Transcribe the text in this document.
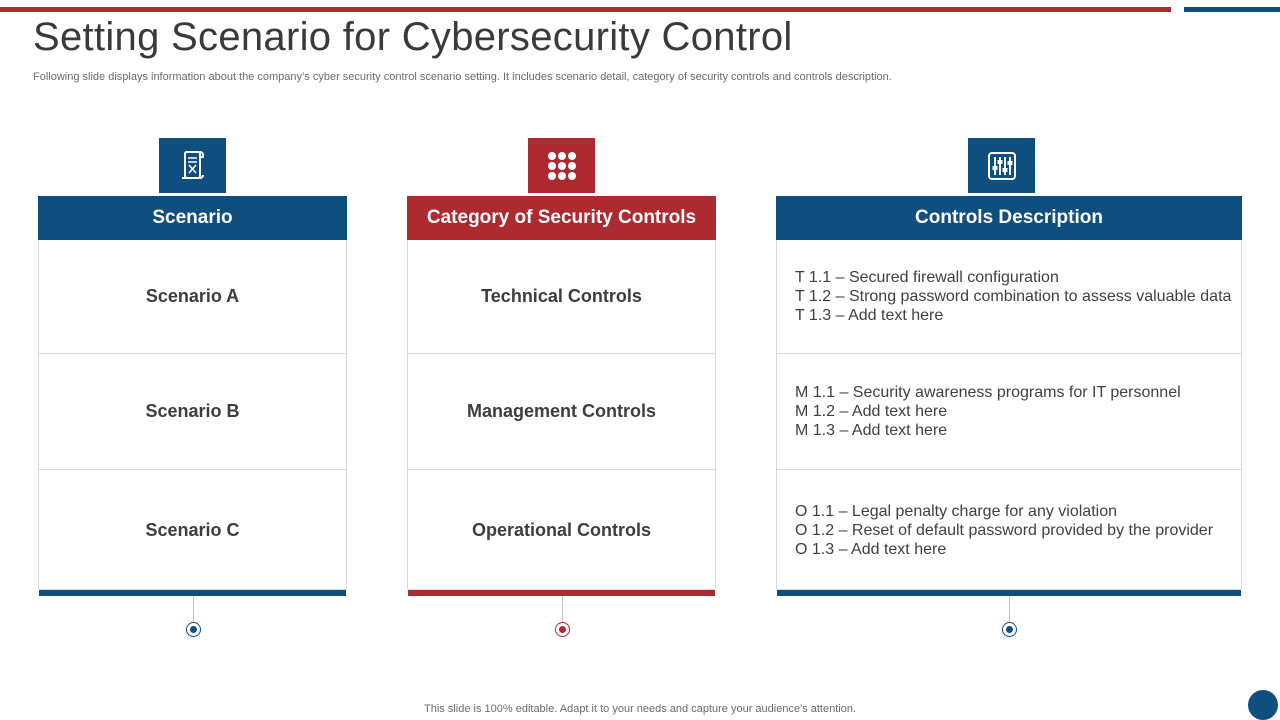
Setting Scenario for Cybersecurity Control

Following slide displays information about the company’s cyber security control scenario setting. It includes scenario detail, category of security controls and controls description.

Scenario
Scenario A
Scenario B
Scenario C
Category of Security Controls
Technical Controls
Management Controls
Operational Controls
Controls Description
T 1.1 – Secured firewall configuration
T 1.2 – Strong password combination to assess valuable data
T 1.3 – Add text here
M 1.1 – Security awareness programs for IT personnel
M 1.2 – Add text here
M 1.3 – Add text here
O 1.1 – Legal penalty charge for any violation
O 1.2 – Reset of default password provided by the provider
O 1.3 – Add text here

This slide is 100% editable. Adapt it to your needs and capture your audience's attention.
